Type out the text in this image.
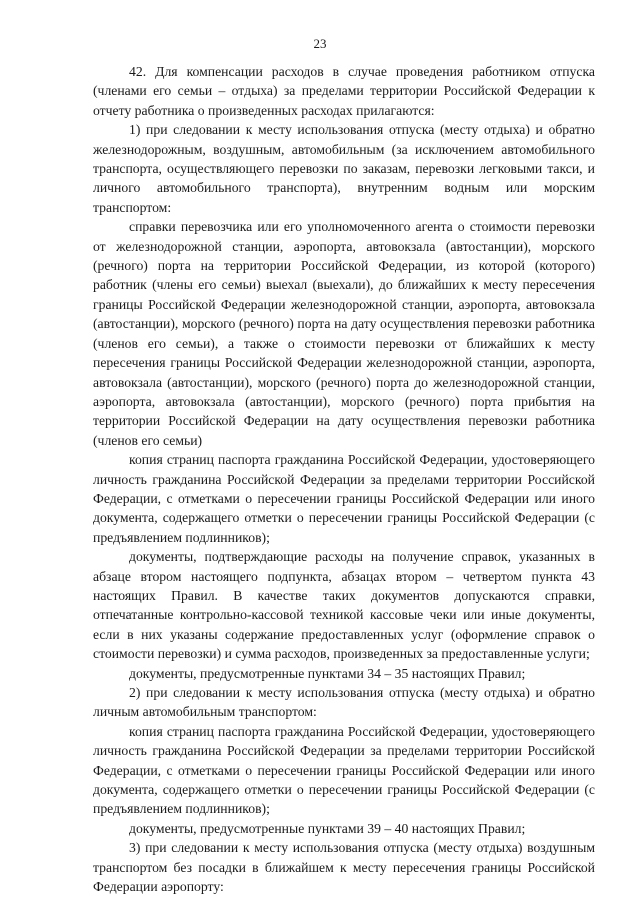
23

42. Для компенсации расходов в случае проведения работником отпуска (членами его семьи – отдыха) за пределами территории Российской Федерации к отчету работника о произведенных расходах прилагаются:

1) при следовании к месту использования отпуска (месту отдыха) и обратно железнодорожным, воздушным, автомобильным (за исключением автомобильного транспорта, осуществляющего перевозки по заказам, перевозки легковыми такси, и личного автомобильного транспорта), внутренним водным или морским транспортом:

справки перевозчика или его уполномоченного агента о стоимости перевозки от железнодорожной станции, аэропорта, автовокзала (автостанции), морского (речного) порта на территории Российской Федерации, из которой (которого) работник (члены его семьи) выехал (выехали), до ближайших к месту пересечения границы Российской Федерации железнодорожной станции, аэропорта, автовокзала (автостанции), морского (речного) порта на дату осуществления перевозки работника (членов его семьи), а также о стоимости перевозки от ближайших к месту пересечения границы Российской Федерации железнодорожной станции, аэропорта, автовокзала (автостанции), морского (речного) порта до железнодорожной станции, аэропорта, автовокзала (автостанции), морского (речного) порта прибытия на территории Российской Федерации на дату осуществления перевозки работника (членов его семьи)

копия страниц паспорта гражданина Российской Федерации, удостоверяющего личность гражданина Российской Федерации за пределами территории Российской Федерации, с отметками о пересечении границы Российской Федерации или иного документа, содержащего отметки о пересечении границы Российской Федерации (с предъявлением подлинников);

документы, подтверждающие расходы на получение справок, указанных в абзаце втором настоящего подпункта, абзацах втором – четвертом пункта 43 настоящих Правил. В качестве таких документов допускаются справки, отпечатанные контрольно-кассовой техникой кассовые чеки или иные документы, если в них указаны содержание предоставленных услуг (оформление справок о стоимости перевозки) и сумма расходов, произведенных за предоставленные услуги;

документы, предусмотренные пунктами 34 – 35 настоящих Правил;

2) при следовании к месту использования отпуска (месту отдыха) и обратно личным автомобильным транспортом:

копия страниц паспорта гражданина Российской Федерации, удостоверяющего личность гражданина Российской Федерации за пределами территории Российской Федерации, с отметками о пересечении границы Российской Федерации или иного документа, содержащего отметки о пересечении границы Российской Федерации (с предъявлением подлинников);

документы, предусмотренные пунктами 39 – 40 настоящих Правил;

3) при следовании к месту использования отпуска (месту отдыха) воздушным транспортом без посадки в ближайшем к месту пересечения границы Российской Федерации аэропорту:
